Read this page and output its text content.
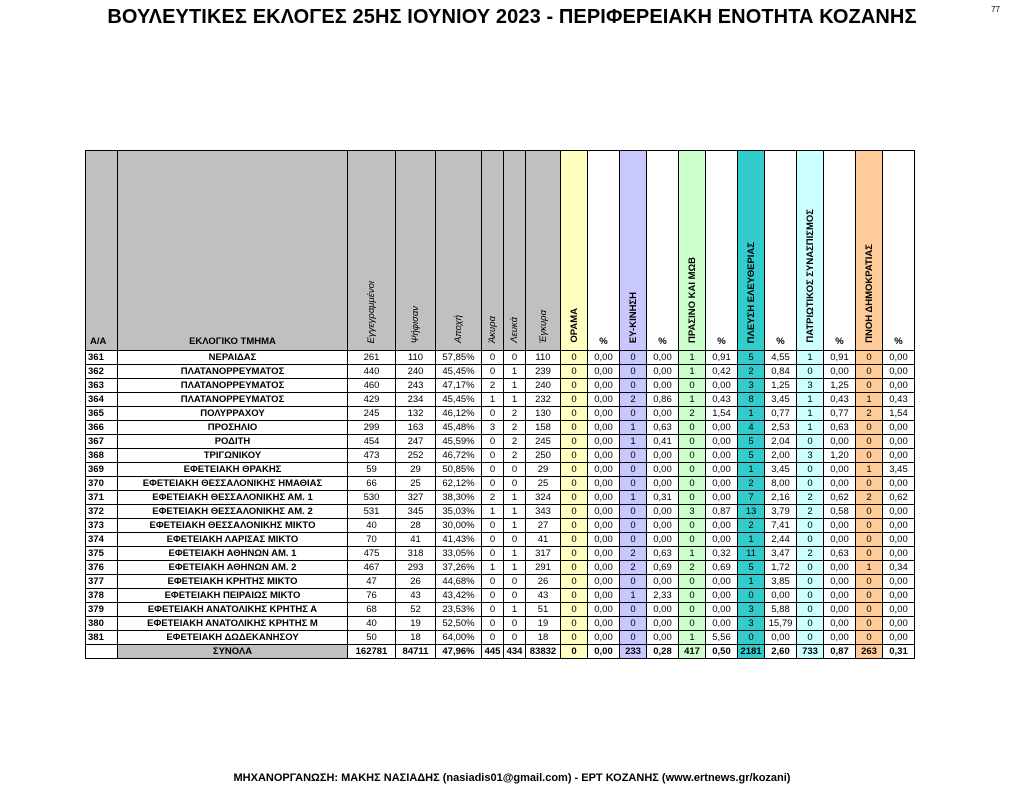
ΒΟΥΛΕΥΤΙΚΕΣ ΕΚΛΟΓΕΣ 25ΗΣ ΙΟΥΝΙΟΥ 2023 - ΠΕΡΙΦΕΡΕΙΑΚΗ ΕΝΟΤΗΤΑ ΚΟΖΑΝΗΣ	77
Α/Α	ΕΚΛΟΓΙΚΟ ΤΜΗΜΑ	Εγγεγραμμένοι	Ψήφισαν	Αποχή	Άκυρα	Λευκά	Έγκυρα	ΟΡΑΜΑ	%	ΕΥ-ΚΙΝΗΣΗ	%	ΠΡΑΣΙΝΟ ΚΑΙ ΜΩΒ	%	ΠΛΕΥΣΗ ΕΛΕΥΘΕΡΙΑΣ	%	ΠΑΤΡΙΩΤΙΚΟΣ ΣΥΝΑΣΠΙΣΜΟΣ	%	ΠΝΟΗ ΔΗΜΟΚΡΑΤΙΑΣ	%
361	ΝΕΡΑΙΔΑΣ	261	110	57,85%	0	0	110	0	0,00	0	0,00	1	0,91	5	4,55	1	0,91	0	0,00
362	ΠΛΑΤΑΝΟΡΡΕΥΜΑΤΟΣ	440	240	45,45%	0	1	239	0	0,00	0	0,00	1	0,42	2	0,84	0	0,00	0	0,00
363	ΠΛΑΤΑΝΟΡΡΕΥΜΑΤΟΣ	460	243	47,17%	2	1	240	0	0,00	0	0,00	0	0,00	3	1,25	3	1,25	0	0,00
364	ΠΛΑΤΑΝΟΡΡΕΥΜΑΤΟΣ	429	234	45,45%	1	1	232	0	0,00	2	0,86	1	0,43	8	3,45	1	0,43	1	0,43
365	ΠΟΛΥΡΡΑΧΟΥ	245	132	46,12%	0	2	130	0	0,00	0	0,00	2	1,54	1	0,77	1	0,77	2	1,54
366	ΠΡΟΣΗΛΙΟ	299	163	45,48%	3	2	158	0	0,00	1	0,63	0	0,00	4	2,53	1	0,63	0	0,00
367	ΡΟΔΙΤΗ	454	247	45,59%	0	2	245	0	0,00	1	0,41	0	0,00	5	2,04	0	0,00	0	0,00
368	ΤΡΙΓΩΝΙΚΟΥ	473	252	46,72%	0	2	250	0	0,00	0	0,00	0	0,00	5	2,00	3	1,20	0	0,00
369	ΕΦΕΤΕΙΑΚΗ ΘΡΑΚΗΣ	59	29	50,85%	0	0	29	0	0,00	0	0,00	0	0,00	1	3,45	0	0,00	1	3,45
370	ΕΦΕΤΕΙΑΚΗ ΘΕΣΣΑΛΟΝΙΚΗΣ ΗΜΑΘΙΑΣ	66	25	62,12%	0	0	25	0	0,00	0	0,00	0	0,00	2	8,00	0	0,00	0	0,00
371	ΕΦΕΤΕΙΑΚΗ ΘΕΣΣΑΛΟΝΙΚΗΣ ΑΜ. 1	530	327	38,30%	2	1	324	0	0,00	1	0,31	0	0,00	7	2,16	2	0,62	2	0,62
372	ΕΦΕΤΕΙΑΚΗ ΘΕΣΣΑΛΟΝΙΚΗΣ ΑΜ. 2	531	345	35,03%	1	1	343	0	0,00	0	0,00	3	0,87	13	3,79	2	0,58	0	0,00
373	ΕΦΕΤΕΙΑΚΗ ΘΕΣΣΑΛΟΝΙΚΗΣ ΜΙΚΤΟ	40	28	30,00%	0	1	27	0	0,00	0	0,00	0	0,00	2	7,41	0	0,00	0	0,00
374	ΕΦΕΤΕΙΑΚΗ ΛΑΡΙΣΑΣ ΜΙΚΤΟ	70	41	41,43%	0	0	41	0	0,00	0	0,00	0	0,00	1	2,44	0	0,00	0	0,00
375	ΕΦΕΤΕΙΑΚΗ ΑΘΗΝΩΝ ΑΜ. 1	475	318	33,05%	0	1	317	0	0,00	2	0,63	1	0,32	11	3,47	2	0,63	0	0,00
376	ΕΦΕΤΕΙΑΚΗ ΑΘΗΝΩΝ ΑΜ. 2	467	293	37,26%	1	1	291	0	0,00	2	0,69	2	0,69	5	1,72	0	0,00	1	0,34
377	ΕΦΕΤΕΙΑΚΗ ΚΡΗΤΗΣ ΜΙΚΤΟ	47	26	44,68%	0	0	26	0	0,00	0	0,00	0	0,00	1	3,85	0	0,00	0	0,00
378	ΕΦΕΤΕΙΑΚΗ ΠΕΙΡΑΙΩΣ ΜΙΚΤΟ	76	43	43,42%	0	0	43	0	0,00	1	2,33	0	0,00	0	0,00	0	0,00	0	0,00
379	ΕΦΕΤΕΙΑΚΗ ΑΝΑΤΟΛΙΚΗΣ ΚΡΗΤΗΣ Α	68	52	23,53%	0	1	51	0	0,00	0	0,00	0	0,00	3	5,88	0	0,00	0	0,00
380	ΕΦΕΤΕΙΑΚΗ ΑΝΑΤΟΛΙΚΗΣ ΚΡΗΤΗΣ Μ	40	19	52,50%	0	0	19	0	0,00	0	0,00	0	0,00	3	15,79	0	0,00	0	0,00
381	ΕΦΕΤΕΙΑΚΗ ΔΩΔΕΚΑΝΗΣΟΥ	50	18	64,00%	0	0	18	0	0,00	0	0,00	1	5,56	0	0,00	0	0,00	0	0,00
	ΣΥΝΟΛΑ	162781	84711	47,96%	445	434	83832	0	0,00	233	0,28	417	0,50	2181	2,60	733	0,87	263	0,31
ΜΗΧΑΝΟΡΓΑΝΩΣΗ: ΜΑΚΗΣ ΝΑΣΙΑΔΗΣ (nasiadis01@gmail.com) - ΕΡΤ ΚΟΖΑΝΗΣ (www.ertnews.gr/kozani)
